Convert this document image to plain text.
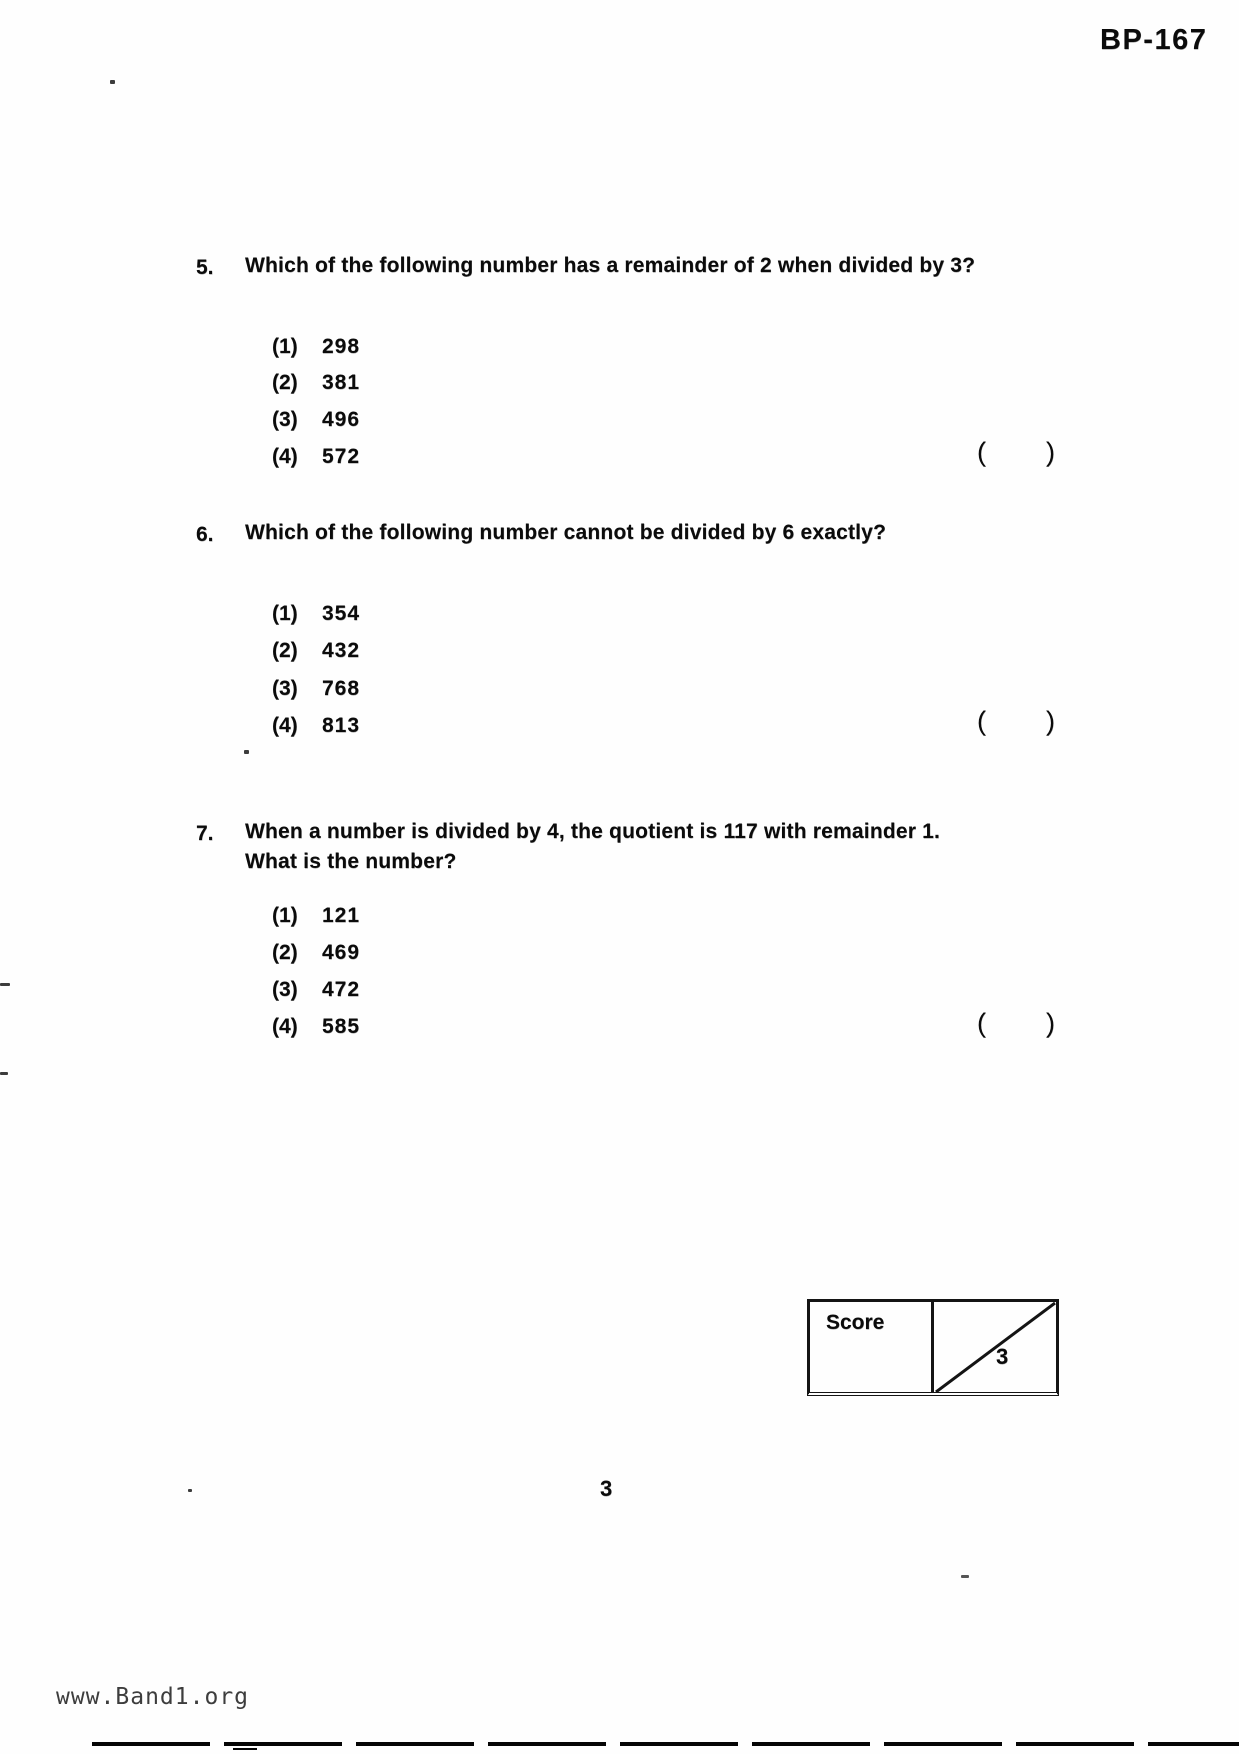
BP-167
5. Which of the following number has a remainder of 2 when divided by 3?
(1) 298
(2) 381
(3) 496
(4) 572	( )
6. Which of the following number cannot be divided by 6 exactly?
(1) 354
(2) 432
(3) 768
(4) 813	( )
7. When a number is divided by 4, the quotient is 117 with remainder 1.
What is the number?
(1) 121
(2) 469
(3) 472
(4) 585	( )
Score
3
3
www.Band1.org
